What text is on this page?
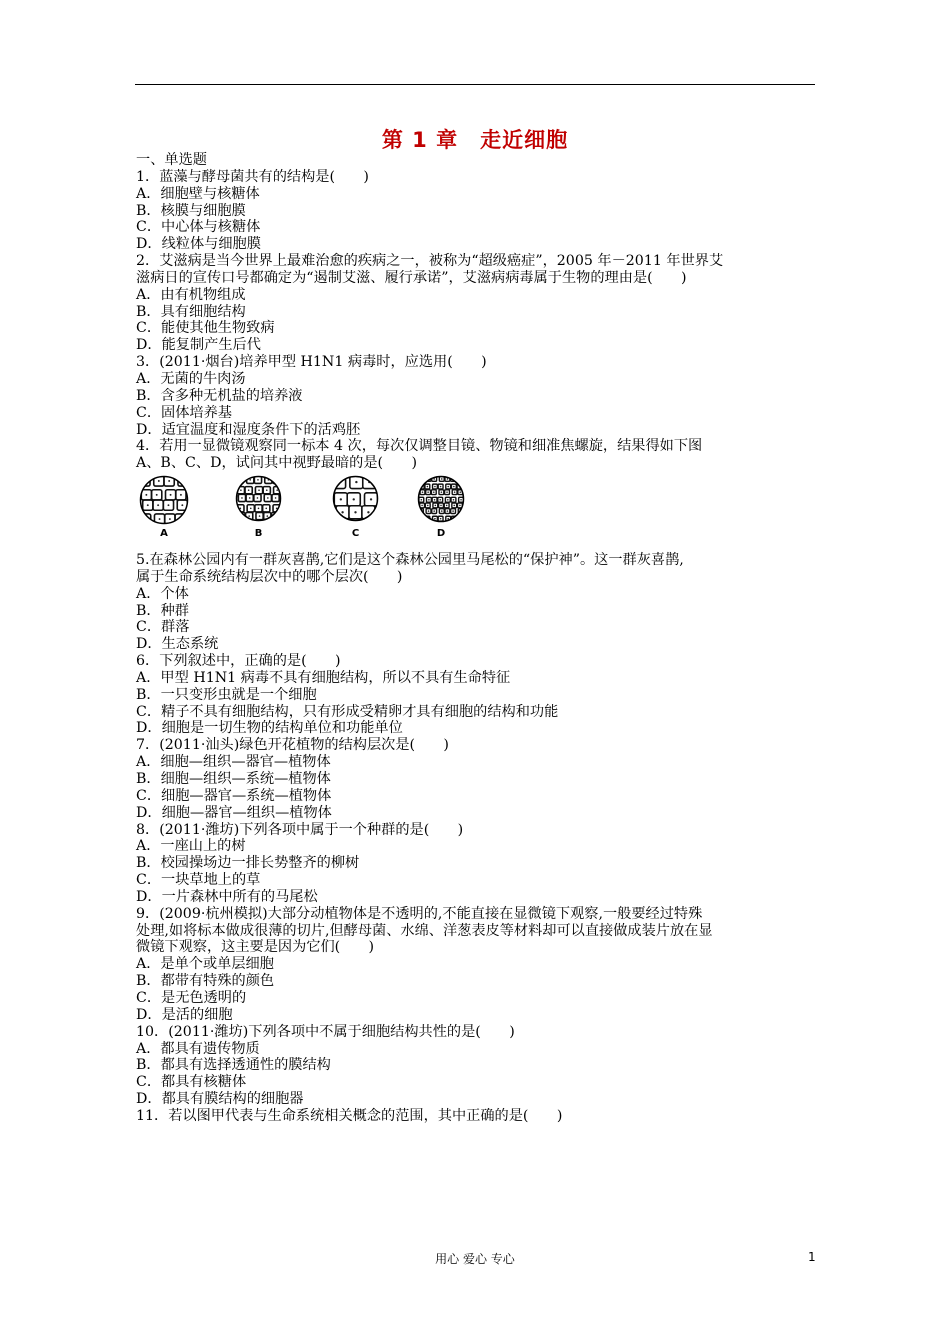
第 1 章　走近细胞
一、单选题
1．蓝藻与酵母菌共有的结构是(　　)
A．细胞壁与核糖体
B．核膜与细胞膜
C．中心体与核糖体
D．线粒体与细胞膜
2．艾滋病是当今世界上最难治愈的疾病之一，被称为“超级癌症”，2005 年－2011 年世界艾
滋病日的宣传口号都确定为“遏制艾滋、履行承诺”，艾滋病病毒属于生物的理由是(　　)
A．由有机物组成
B．具有细胞结构
C．能使其他生物致病
D．能复制产生后代
3．(2011·烟台)培养甲型 H1N1 病毒时，应选用(　　)
A．无菌的牛肉汤
B．含多种无机盐的培养液
C．固体培养基
D．适宜温度和湿度条件下的活鸡胚
4．若用一显微镜观察同一标本 4 次，每次仅调整目镜、物镜和细准焦螺旋，结果得如下图
A、B、C、D，试问其中视野最暗的是(　　)
A	B	C	D
5.在森林公园内有一群灰喜鹊,它们是这个森林公园里马尾松的“保护神”。这一群灰喜鹊,
属于生命系统结构层次中的哪个层次(　　)
A．个体
B．种群
C．群落
D．生态系统
6．下列叙述中，正确的是(　　)
A．甲型 H1N1 病毒不具有细胞结构，所以不具有生命特征
B．一只变形虫就是一个细胞
C．精子不具有细胞结构，只有形成受精卵才具有细胞的结构和功能
D．细胞是一切生物的结构单位和功能单位
7．(2011·汕头)绿色开花植物的结构层次是(　　)
A．细胞—组织—器官—植物体
B．细胞—组织—系统—植物体
C．细胞—器官—系统—植物体
D．细胞—器官—组织—植物体
8．(2011·潍坊)下列各项中属于一个种群的是(　　)
A．一座山上的树
B．校园操场边一排长势整齐的柳树
C．一块草地上的草
D．一片森林中所有的马尾松
9．(2009·杭州模拟)大部分动植物体是不透明的,不能直接在显微镜下观察,一般要经过特殊
处理,如将标本做成很薄的切片,但酵母菌、水绵、洋葱表皮等材料却可以直接做成装片放在显
微镜下观察，这主要是因为它们(　　)
A．是单个或单层细胞
B．都带有特殊的颜色
C．是无色透明的
D．是活的细胞
10．(2011·潍坊)下列各项中不属于细胞结构共性的是(　　)
A．都具有遗传物质
B．都具有选择透通性的膜结构
C．都具有核糖体
D．都具有膜结构的细胞器
11．若以图甲代表与生命系统相关概念的范围，其中正确的是(　　)
用心 爱心 专心	1
